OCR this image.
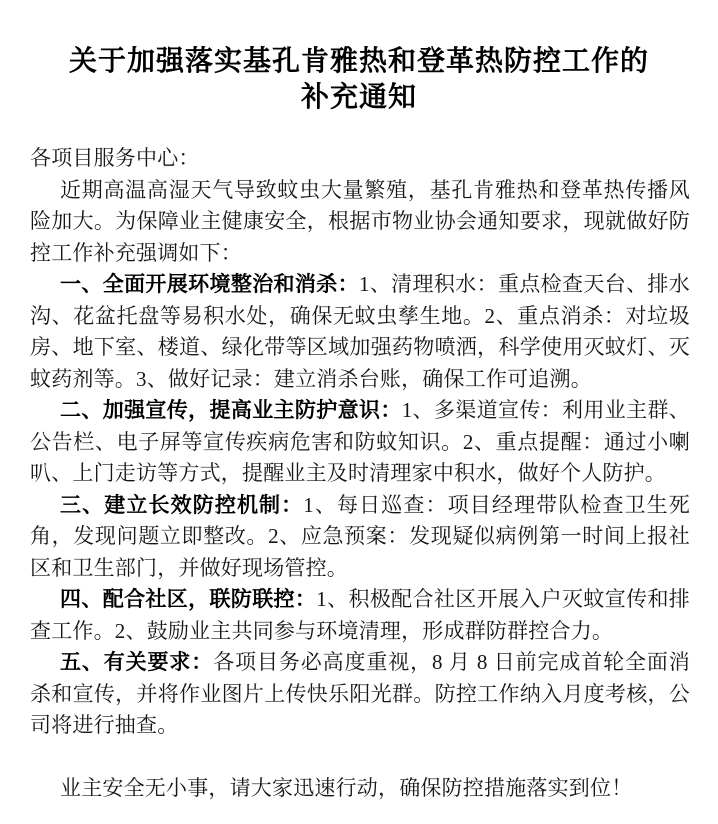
关于加强落实基孔肯雅热和登革热防控工作的
补充通知

各项目服务中心：

近期高温高湿天气导致蚊虫大量繁殖，基孔肯雅热和登革热传播风险加大。为保障业主健康安全，根据市物业协会通知要求，现就做好防控工作补充强调如下：

一、全面开展环境整治和消杀：1、清理积水：重点检查天台、排水沟、花盆托盘等易积水处，确保无蚊虫孳生地。2、重点消杀：对垃圾房、地下室、楼道、绿化带等区域加强药物喷洒，科学使用灭蚊灯、灭蚊药剂等。3、做好记录：建立消杀台账，确保工作可追溯。

二、加强宣传，提高业主防护意识：1、多渠道宣传：利用业主群、公告栏、电子屏等宣传疾病危害和防蚊知识。2、重点提醒：通过小喇叭、上门走访等方式，提醒业主及时清理家中积水，做好个人防护。

三、建立长效防控机制：1、每日巡查：项目经理带队检查卫生死角，发现问题立即整改。2、应急预案：发现疑似病例第一时间上报社区和卫生部门，并做好现场管控。

四、配合社区，联防联控：1、积极配合社区开展入户灭蚊宣传和排查工作。2、鼓励业主共同参与环境清理，形成群防群控合力。

五、有关要求：各项目务必高度重视，8 月 8 日前完成首轮全面消杀和宣传，并将作业图片上传快乐阳光群。防控工作纳入月度考核，公司将进行抽查。

业主安全无小事，请大家迅速行动，确保防控措施落实到位！
